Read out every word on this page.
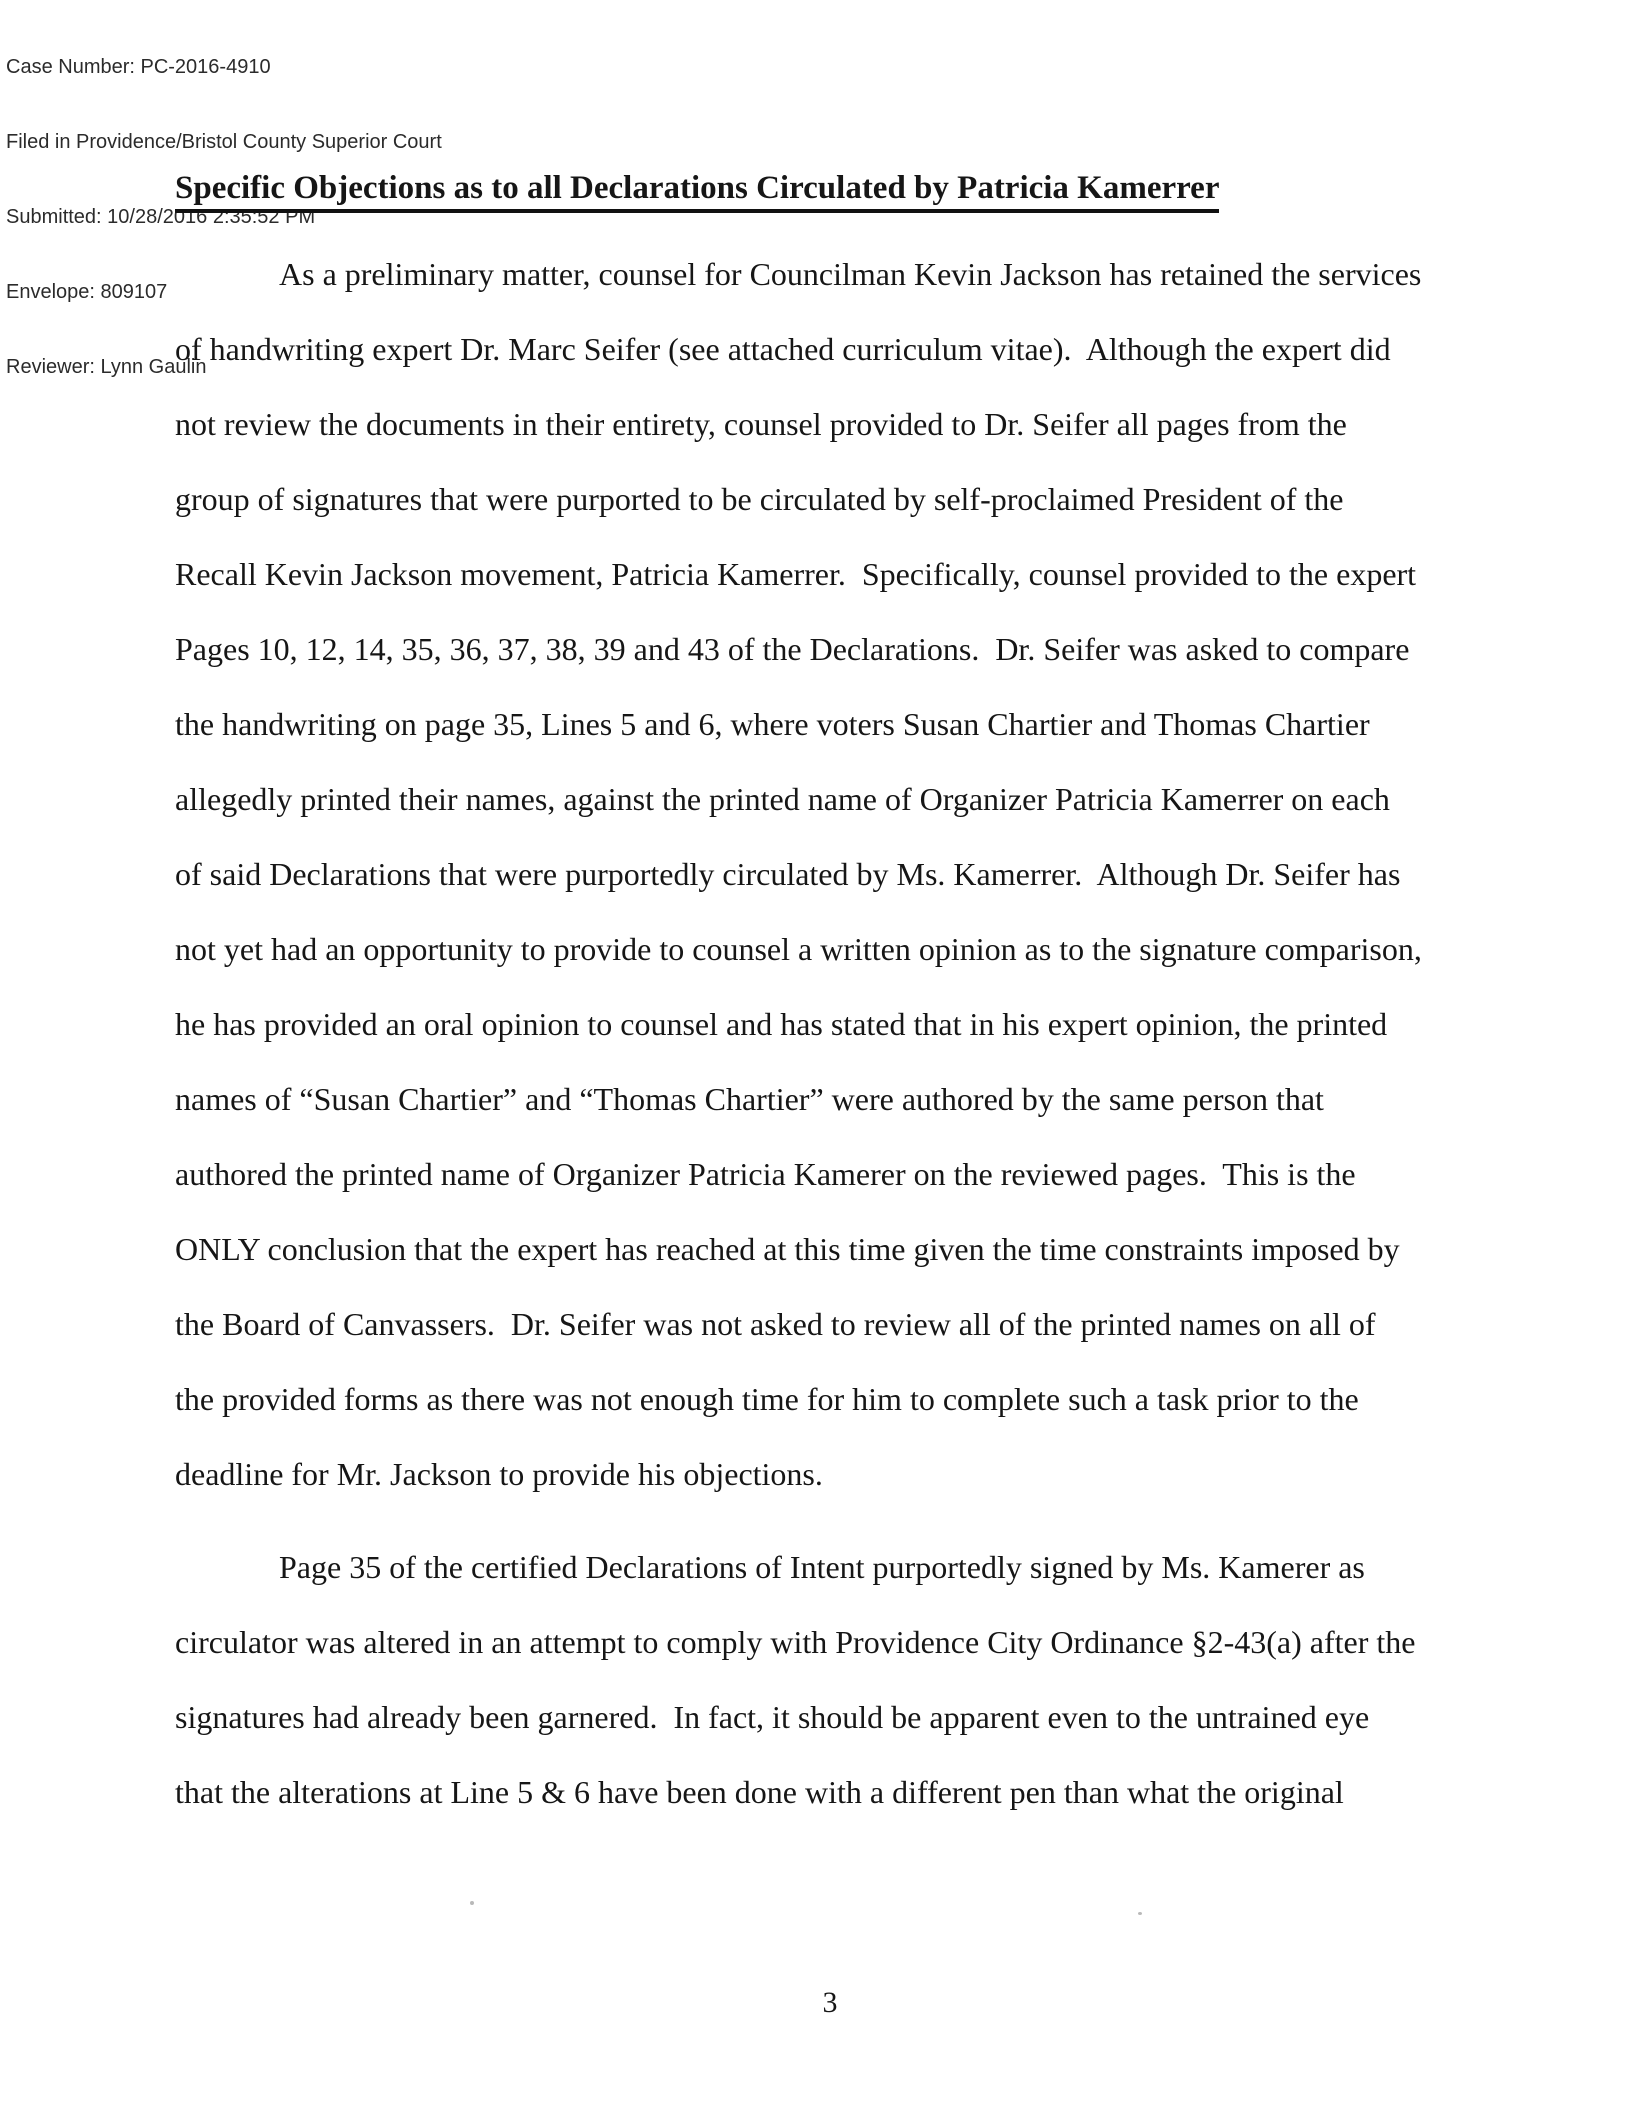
Case Number: PC-2016-4910

Filed in Providence/Bristol County Superior Court

Submitted: 10/28/2016 2:35:52 PM

Envelope: 809107

Reviewer: Lynn Gaulin

Specific Objections as to all Declarations Circulated by Patricia Kamerrer
As a preliminary matter, counsel for Councilman Kevin Jackson has retained the services
of handwriting expert Dr. Marc Seifer (see attached curriculum vitae).  Although the expert did
not review the documents in their entirety, counsel provided to Dr. Seifer all pages from the
group of signatures that were purported to be circulated by self-proclaimed President of the
Recall Kevin Jackson movement, Patricia Kamerrer.  Specifically, counsel provided to the expert
Pages 10, 12, 14, 35, 36, 37, 38, 39 and 43 of the Declarations.  Dr. Seifer was asked to compare
the handwriting on page 35, Lines 5 and 6, where voters Susan Chartier and Thomas Chartier
allegedly printed their names, against the printed name of Organizer Patricia Kamerrer on each
of said Declarations that were purportedly circulated by Ms. Kamerrer.  Although Dr. Seifer has
not yet had an opportunity to provide to counsel a written opinion as to the signature comparison,
he has provided an oral opinion to counsel and has stated that in his expert opinion, the printed
names of “Susan Chartier” and “Thomas Chartier” were authored by the same person that
authored the printed name of Organizer Patricia Kamerer on the reviewed pages.  This is the
ONLY conclusion that the expert has reached at this time given the time constraints imposed by
the Board of Canvassers.  Dr. Seifer was not asked to review all of the printed names on all of
the provided forms as there was not enough time for him to complete such a task prior to the
deadline for Mr. Jackson to provide his objections.
Page 35 of the certified Declarations of Intent purportedly signed by Ms. Kamerer as
circulator was altered in an attempt to comply with Providence City Ordinance §2-43(a) after the
signatures had already been garnered.  In fact, it should be apparent even to the untrained eye
that the alterations at Line 5 & 6 have been done with a different pen than what the original
3
